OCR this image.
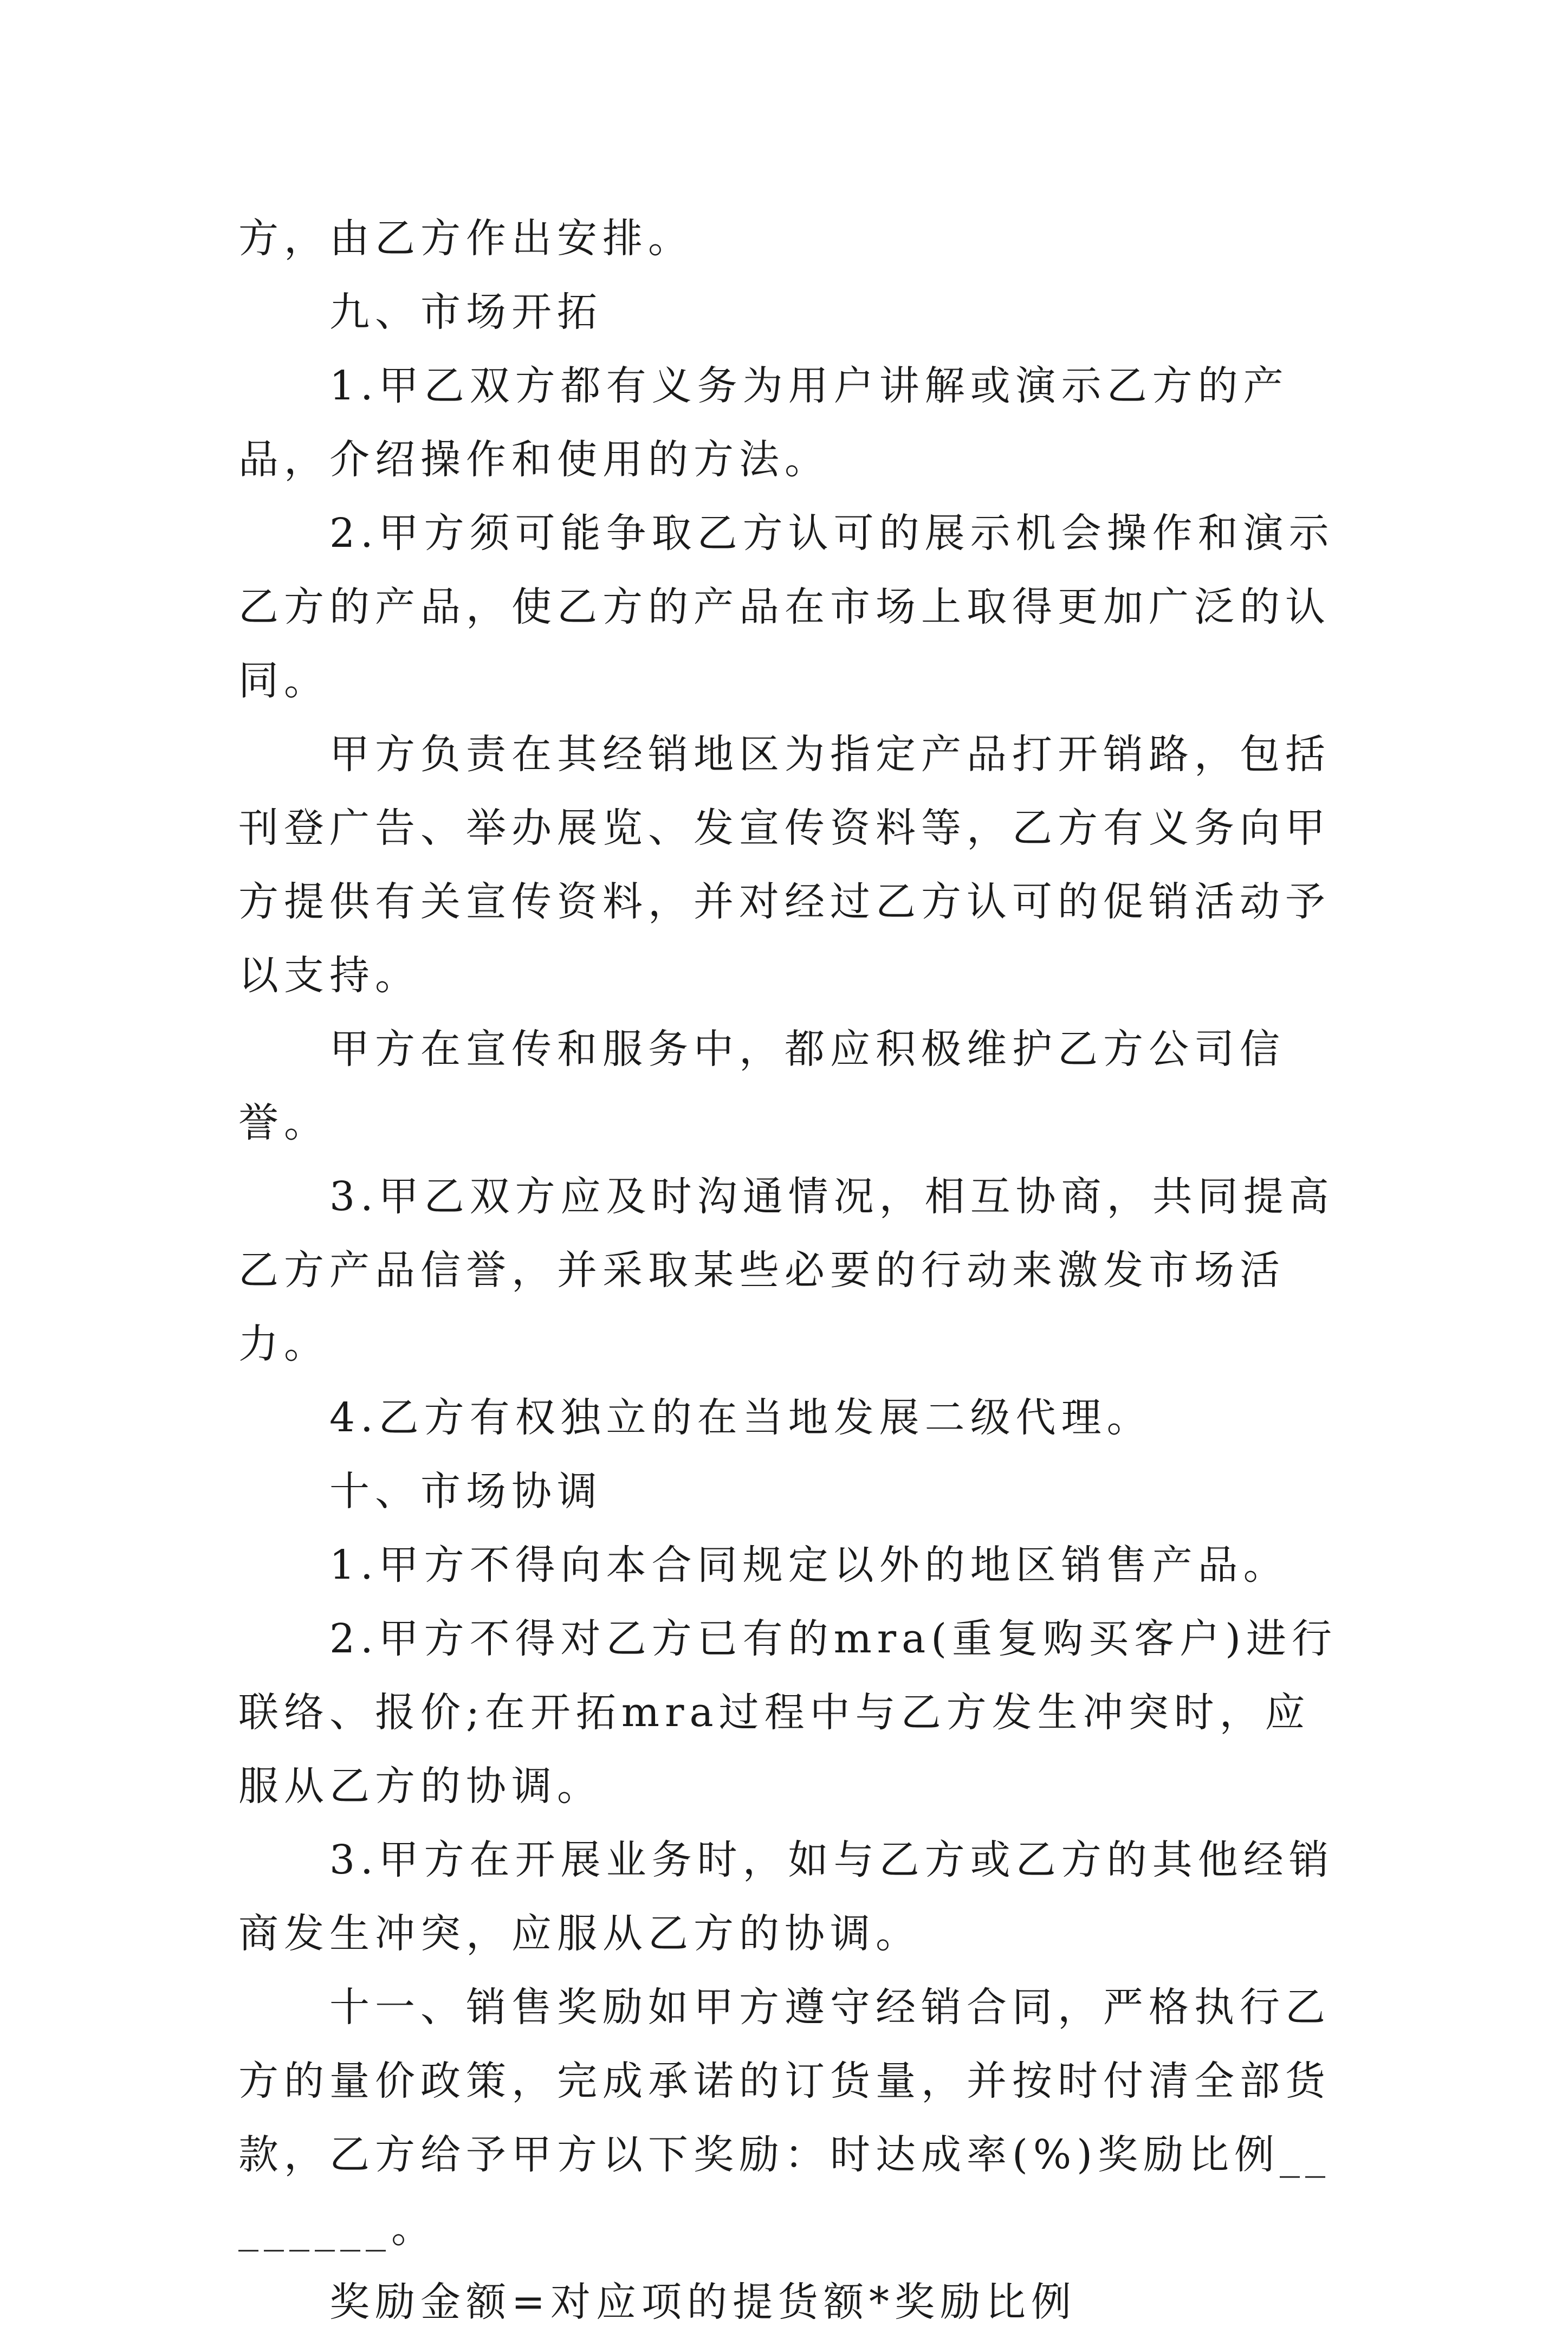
方，由乙方作出安排。

九、市场开拓

1.甲乙双方都有义务为用户讲解或演示乙方的产品，介绍操作和使用的方法。

2.甲方须可能争取乙方认可的展示机会操作和演示乙方的产品，使乙方的产品在市场上取得更加广泛的认同。

甲方负责在其经销地区为指定产品打开销路，包括刊登广告、举办展览、发宣传资料等，乙方有义务向甲方提供有关宣传资料，并对经过乙方认可的促销活动予以支持。

甲方在宣传和服务中，都应积极维护乙方公司信誉。

3.甲乙双方应及时沟通情况，相互协商，共同提高乙方产品信誉，并采取某些必要的行动来激发市场活力。

4.乙方有权独立的在当地发展二级代理。

十、市场协调

1.甲方不得向本合同规定以外的地区销售产品。

2.甲方不得对乙方已有的mra(重复购买客户)进行联络、报价;在开拓mra过程中与乙方发生冲突时，应服从乙方的协调。

3.甲方在开展业务时，如与乙方或乙方的其他经销商发生冲突，应服从乙方的协调。

十一、销售奖励如甲方遵守经销合同，严格执行乙方的量价政策，完成承诺的订货量，并按时付清全部货款，乙方给予甲方以下奖励：时达成率(%)奖励比例________。

奖励金额=对应项的提货额*奖励比例
